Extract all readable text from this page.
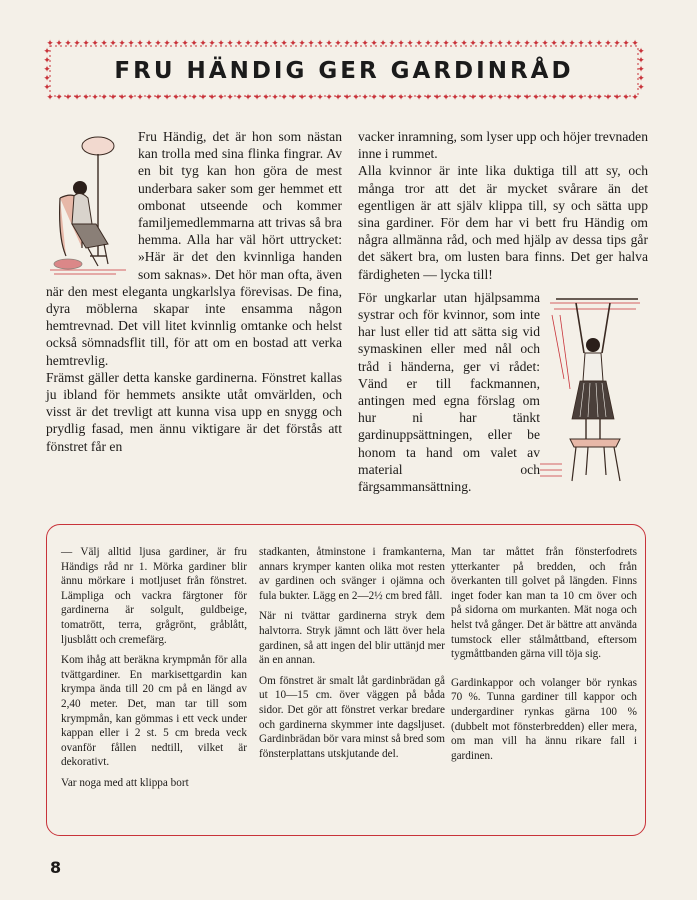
✦
✦
✦
✦
✦
✦
✦
✦
✦
✦
✦
✦
✦
✦
✦
✦
✦
✦
✦
✦
✦
✦
✦
✦
✦
✦
✦
✦
✦
✦
✦
✦
✦
✦
✦
✦
✦
✦
✦
✦
✦
✦
✦
✦
✦
✦
✦
✦
✦
✦
✦
✦
✦
✦
✦
✦
✦
✦
✦
✦
✦
✦
✦
✦
✦
✦
✦
✦
✦
✦
✦
✦
✦
✦
✦
✦
✦
✦
✦
✦
✦
✦
✦
✦
✦
✦
✦
✦
✦
✦
✦
✦
✦
✦
✦
✦
✦
✦
✦
✦
✦
✦
✦
✦
✦
✦
✦
✦
✦
✦
✦
✦
✦
✦
✦
✦
✦
✦
✦
✦
✦
✦
✦
✦
✦
✦
✦
✦
✦
✦
✦
✦
✦	✦
✦	✦
✦	✦
✦	✦
✦	✦
FRU HÄNDIG GER GARDINRÅD

Fru Händig, det är hon som nästan kan trolla med sina flinka fingrar. Av en bit tyg kan hon göra de mest underbara saker som ger hemmet ett ombonat utseende och kommer familjemedlemmarna att trivas så bra hemma. Alla har väl hört uttrycket: »Här är det den kvinnliga handen som saknas». Det hör man ofta, även när den mest eleganta ungkarlslya förevisas. De fina, dyra möblerna skapar inte ensamma någon hemtrevnad. Det vill litet kvinnlig omtanke och helst också sömnadsflit till, för att om en bostad att verka hemtrevlig.

Främst gäller detta kanske gardinerna. Fönstret kallas ju ibland för hemmets ansikte utåt omvärlden, och visst är det trevligt att kunna visa upp en snygg och prydlig fasad, men ännu viktigare är det förstås att fönstret får en

vacker inramning, som lyser upp och höjer trevnaden inne i rummet.

Alla kvinnor är inte lika duktiga till att sy, och många tror att det är mycket svårare än det egentligen är att själv klippa till, sy och sätta upp sina gardiner. För dem har vi bett fru Händig om några allmänna råd, och med hjälp av dessa tips går det säkert bra, om lusten bara finns. Det ger halva färdigheten — lycka till!

För ungkarlar utan hjälpsamma systrar och för kvinnor, som inte har lust eller tid att sätta sig vid symaskinen eller med nål och tråd i händerna, ger vi rådet: Vänd er till fackmannen, antingen med egna förslag om hur ni har tänkt gardinuppsättningen, eller be honom ta hand om valet av material och färgsammansättning.

— Välj alltid ljusa gardiner, är fru Händigs råd nr 1. Mörka gardiner blir ännu mörkare i motljuset från fönstret. Lämpliga och vackra färgtoner för gardinerna är solgult, guldbeige, tomatrött, terra, grågrönt, gråblått, ljusblått och cremefärg.

Kom ihåg att beräkna krympmån för alla tvättgardiner. En markisettgardin kan krympa ända till 20 cm på en längd av 2,40 meter. Det, man tar till som krympmån, kan gömmas i ett veck under kappan eller i 2 st. 5 cm breda veck ovanför fållen nedtill, vilket är dekorativt.

Var noga med att klippa bort

stadkanten, åtminstone i framkanterna, annars krymper kanten olika mot resten av gardinen och svänger i ojämna och fula bukter. Lägg en 2—2½ cm bred fåll.

När ni tvättar gardinerna stryk dem halvtorra. Stryk jämnt och lätt över hela gardinen, så att ingen del blir uttänjd mer än en annan.

Om fönstret är smalt låt gardinbrädan gå ut 10—15 cm. över väggen på båda sidor. Det gör att fönstret verkar bredare och gardinerna skymmer inte dagsljuset. Gardinbrädan bör vara minst så bred som fönsterplattans utskjutande del.

Man tar måttet från fönsterfodrets ytterkanter på bredden, och från överkanten till golvet på längden. Finns inget foder kan man ta 10 cm över och på sidorna om murkanten. Mät noga och helst två gånger. Det är bättre att använda tumstock eller stålmåttband, eftersom tygmåttbanden gärna vill töja sig.

Gardinkappor och volanger bör rynkas 70 %. Tunna gardiner till kappor och undergardiner rynkas gärna 100 % (dubbelt mot fönsterbredden) eller mera, om man vill ha ännu rikare fall i gardinen.

8
